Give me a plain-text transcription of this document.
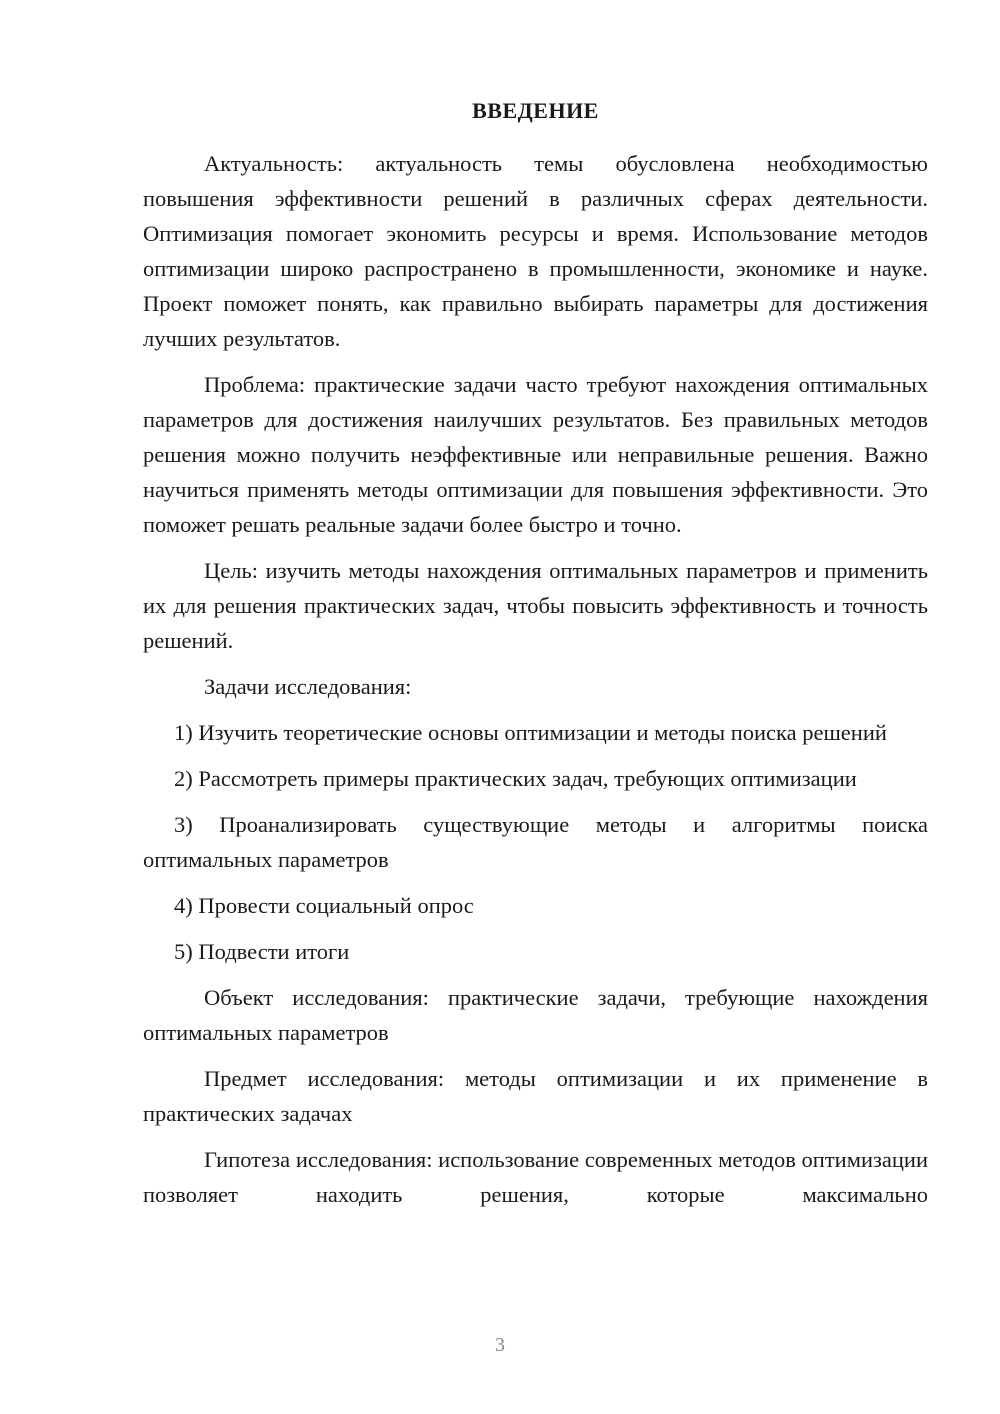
ВВЕДЕНИЕ

Актуальность: актуальность темы обусловлена необходимостью повышения эффективности решений в различных сферах деятельности. Оптимизация помогает экономить ресурсы и время. Использование методов оптимизации широко распространено в промышленности, экономике и науке. Проект поможет понять, как правильно выбирать параметры для достижения лучших результатов.

Проблема: практические задачи часто требуют нахождения оптимальных параметров для достижения наилучших результатов. Без правильных методов решения можно получить неэффективные или неправильные решения. Важно научиться применять методы оптимизации для повышения эффективности. Это поможет решать реальные задачи более быстро и точно.

Цель: изучить методы нахождения оптимальных параметров и применить их для решения практических задач, чтобы повысить эффективность и точность решений.

Задачи исследования:

1) Изучить теоретические основы оптимизации и методы поиска решений

2) Рассмотреть примеры практических задач, требующих оптимизации

3) Проанализировать существующие методы и алгоритмы поиска оптимальных параметров

4) Провести социальный опрос

5) Подвести итоги

Объект исследования: практические задачи, требующие нахождения оптимальных параметров

Предмет исследования: методы оптимизации и их применение в практических задачах

Гипотеза исследования: использование современных методов оптимизации позволяет находить решения, которые максимально

3
